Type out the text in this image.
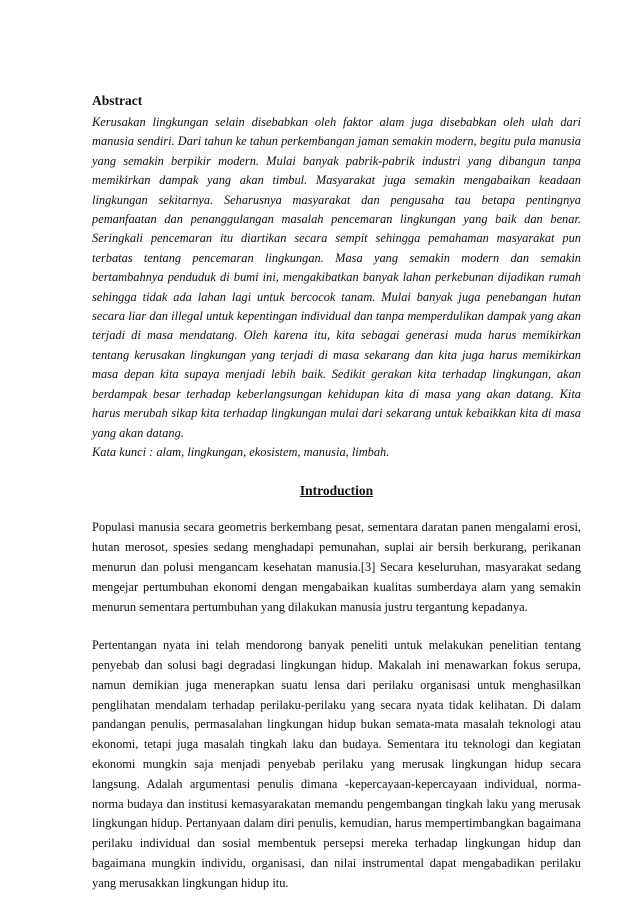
Abstract

Kerusakan lingkungan selain disebabkan oleh faktor alam juga disebabkan oleh ulah dari manusia sendiri. Dari tahun ke tahun perkembangan jaman semakin modern, begitu pula manusia yang semakin berpikir modern. Mulai banyak pabrik-pabrik industri yang dibangun tanpa memikirkan dampak yang akan timbul. Masyarakat juga semakin mengabaikan keadaan lingkungan sekitarnya. Seharusnya masyarakat dan pengusaha tau betapa pentingnya pemanfaatan dan penanggulangan masalah pencemaran lingkungan yang baik dan benar. Seringkali pencemaran itu diartikan secara sempit sehingga pemahaman masyarakat pun terbatas tentang pencemaran lingkungan. Masa yang semakin modern dan semakin bertambahnya penduduk di bumi ini, mengakibatkan banyak lahan perkebunan dijadikan rumah sehingga tidak ada lahan lagi untuk bercocok tanam. Mulai banyak juga penebangan hutan secara liar dan illegal untuk kepentingan individual dan tanpa memperdulikan dampak yang akan terjadi di masa mendatang. Oleh karena itu, kita sebagai generasi muda harus memikirkan tentang kerusakan lingkungan yang terjadi di masa sekarang dan kita juga harus memikirkan masa depan kita supaya menjadi lebih baik. Sedikit gerakan kita terhadap lingkungan, akan berdampak besar terhadap keberlangsungan kehidupan kita di masa yang akan datang. Kita harus merubah sikap kita terhadap lingkungan mulai dari sekarang untuk kebaikkan kita di masa yang akan datang.

Kata kunci : alam, lingkungan, ekosistem, manusia, limbah.

Introduction

Populasi manusia secara geometris berkembang pesat, sementara daratan panen mengalami erosi, hutan merosot, spesies sedang menghadapi pemunahan, suplai air bersih berkurang, perikanan menurun dan polusi mengancam kesehatan manusia.[3] Secara keseluruhan, masyarakat sedang mengejar pertumbuhan ekonomi dengan mengabaikan kualitas sumberdaya alam yang semakin menurun sementara pertumbuhan yang dilakukan manusia justru tergantung kepadanya.

Pertentangan nyata ini telah mendorong banyak peneliti untuk melakukan penelitian tentang penyebab dan solusi bagi degradasi lingkungan hidup. Makalah ini menawarkan fokus serupa, namun demikian juga menerapkan suatu lensa dari perilaku organisasi untuk menghasilkan penglihatan mendalam terhadap perilaku-perilaku yang secara nyata tidak kelihatan. Di dalam pandangan penulis, permasalahan lingkungan hidup bukan semata-mata masalah teknologi atau ekonomi, tetapi juga masalah tingkah laku dan budaya. Sementara itu teknologi dan kegiatan ekonomi mungkin saja menjadi penyebab perilaku yang merusak lingkungan hidup secara langsung. Adalah argumentasi penulis dimana -kepercayaan-kepercayaan individual, norma-norma budaya dan institusi kemasyarakatan memandu pengembangan tingkah laku yang merusak lingkungan hidup. Pertanyaan dalam diri penulis, kemudian, harus mempertimbangkan bagaimana perilaku individual dan sosial membentuk persepsi mereka terhadap lingkungan hidup dan bagaimana mungkin individu, organisasi, dan nilai instrumental dapat mengabadikan perilaku yang merusakkan lingkungan hidup itu.
